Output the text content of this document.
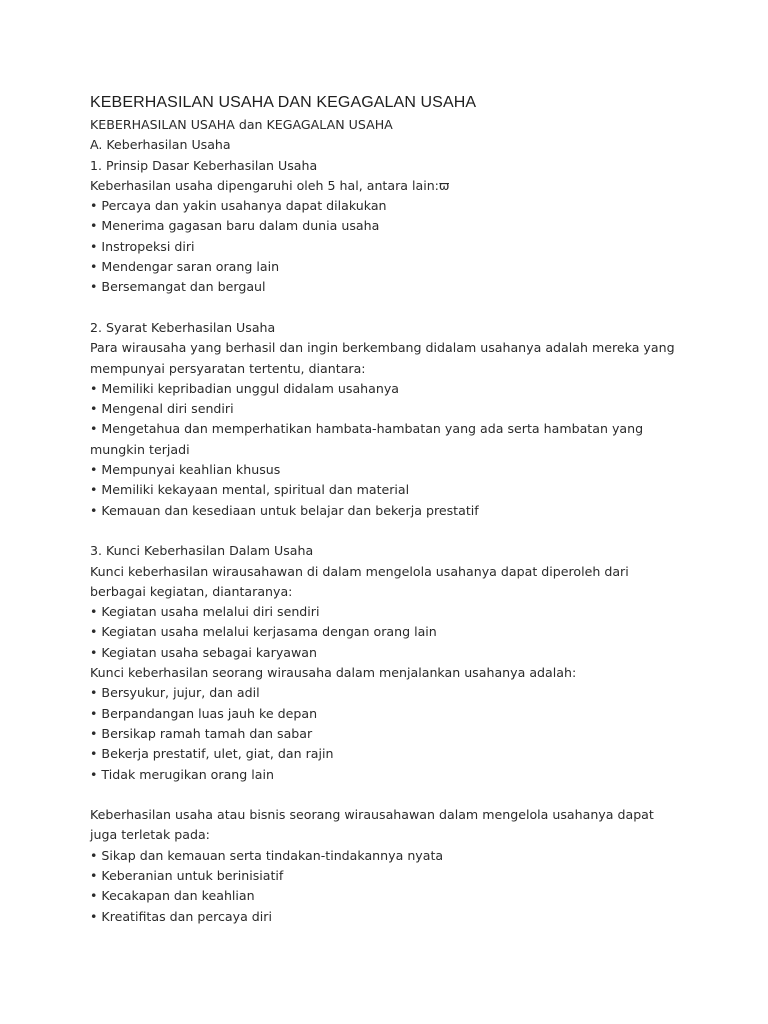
KEBERHASILAN USAHA DAN KEGAGALAN USAHA
KEBERHASILAN USAHA dan KEGAGALAN USAHA
A. Keberhasilan Usaha
1. Prinsip Dasar Keberhasilan Usaha
Keberhasilan usaha dipengaruhi oleh 5 hal, antara lain:ϖ
• Percaya dan yakin usahanya dapat dilakukan
• Menerima gagasan baru dalam dunia usaha
• Instropeksi diri
• Mendengar saran orang lain
• Bersemangat dan bergaul
2. Syarat Keberhasilan Usaha
Para wirausaha yang berhasil dan ingin berkembang didalam usahanya adalah mereka yang
mempunyai persyaratan tertentu, diantara:
• Memiliki kepribadian unggul didalam usahanya
• Mengenal diri sendiri
• Mengetahua dan memperhatikan hambata-hambatan yang ada serta hambatan yang
mungkin terjadi
• Mempunyai keahlian khusus
• Memiliki kekayaan mental, spiritual dan material
• Kemauan dan kesediaan untuk belajar dan bekerja prestatif
3. Kunci Keberhasilan Dalam Usaha
Kunci keberhasilan wirausahawan di dalam mengelola usahanya dapat diperoleh dari
berbagai kegiatan, diantaranya:
• Kegiatan usaha melalui diri sendiri
• Kegiatan usaha melalui kerjasama dengan orang lain
• Kegiatan usaha sebagai karyawan
Kunci keberhasilan seorang wirausaha dalam menjalankan usahanya adalah:
• Bersyukur, jujur, dan adil
• Berpandangan luas jauh ke depan
• Bersikap ramah tamah dan sabar
• Bekerja prestatif, ulet, giat, dan rajin
• Tidak merugikan orang lain
Keberhasilan usaha atau bisnis seorang wirausahawan dalam mengelola usahanya dapat
juga terletak pada:
• Sikap dan kemauan serta tindakan-tindakannya nyata
• Keberanian untuk berinisiatif
• Kecakapan dan keahlian
• Kreatifitas dan percaya diri
